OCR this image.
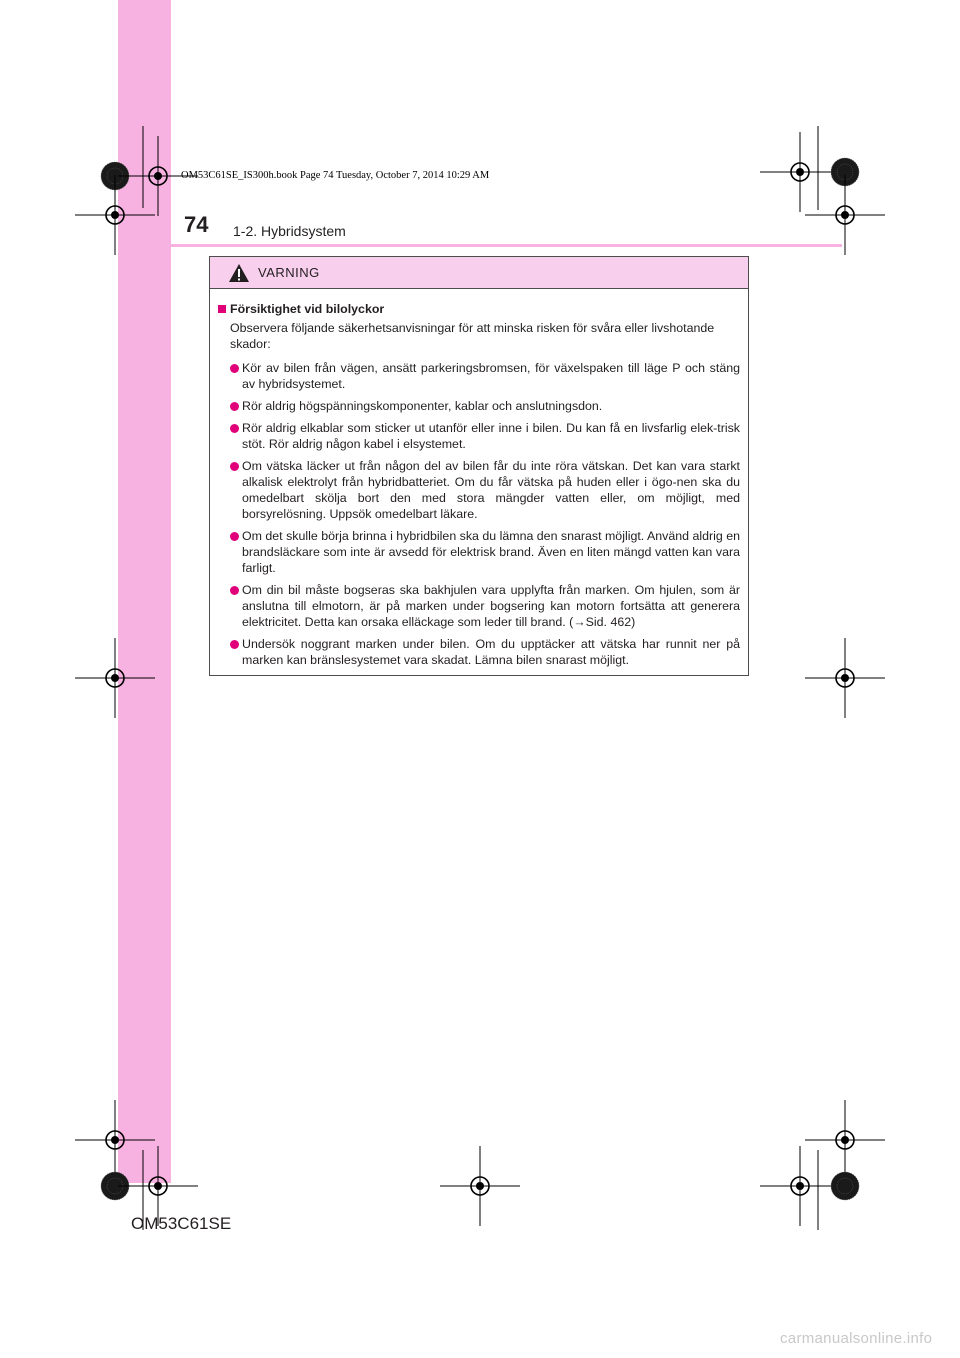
OM53C61SE_IS300h.book Page 74 Tuesday, October 7, 2014 10:29 AM
74 1-2. Hybridsystem
VARNING
Försiktighet vid bilolyckor
Observera följande säkerhetsanvisningar för att minska risken för svåra eller livshotande skador:
Kör av bilen från vägen, ansätt parkeringsbromsen, för växelspaken till läge P och stäng av hybridsystemet.
Rör aldrig högspänningskomponenter, kablar och anslutningsdon.
Rör aldrig elkablar som sticker ut utanför eller inne i bilen. Du kan få en livsfarlig elek-trisk stöt. Rör aldrig någon kabel i elsystemet.
Om vätska läcker ut från någon del av bilen får du inte röra vätskan. Det kan vara starkt alkalisk elektrolyt från hybridbatteriet. Om du får vätska på huden eller i ögo-nen ska du omedelbart skölja bort den med stora mängder vatten eller, om möjligt, med borsyrelösning. Uppsök omedelbart läkare.
Om det skulle börja brinna i hybridbilen ska du lämna den snarast möjligt. Använd aldrig en brandsläckare som inte är avsedd för elektrisk brand. Även en liten mängd vatten kan vara farligt.
Om din bil måste bogseras ska bakhjulen vara upplyfta från marken. Om hjulen, som är anslutna till elmotorn, är på marken under bogsering kan motorn fortsätta att generera elektricitet. Detta kan orsaka elläckage som leder till brand. (→Sid. 462)
Undersök noggrant marken under bilen. Om du upptäcker att vätska har runnit ner på marken kan bränslesystemet vara skadat. Lämna bilen snarast möjligt.
OM53C61SE
carmanualsonline.info
